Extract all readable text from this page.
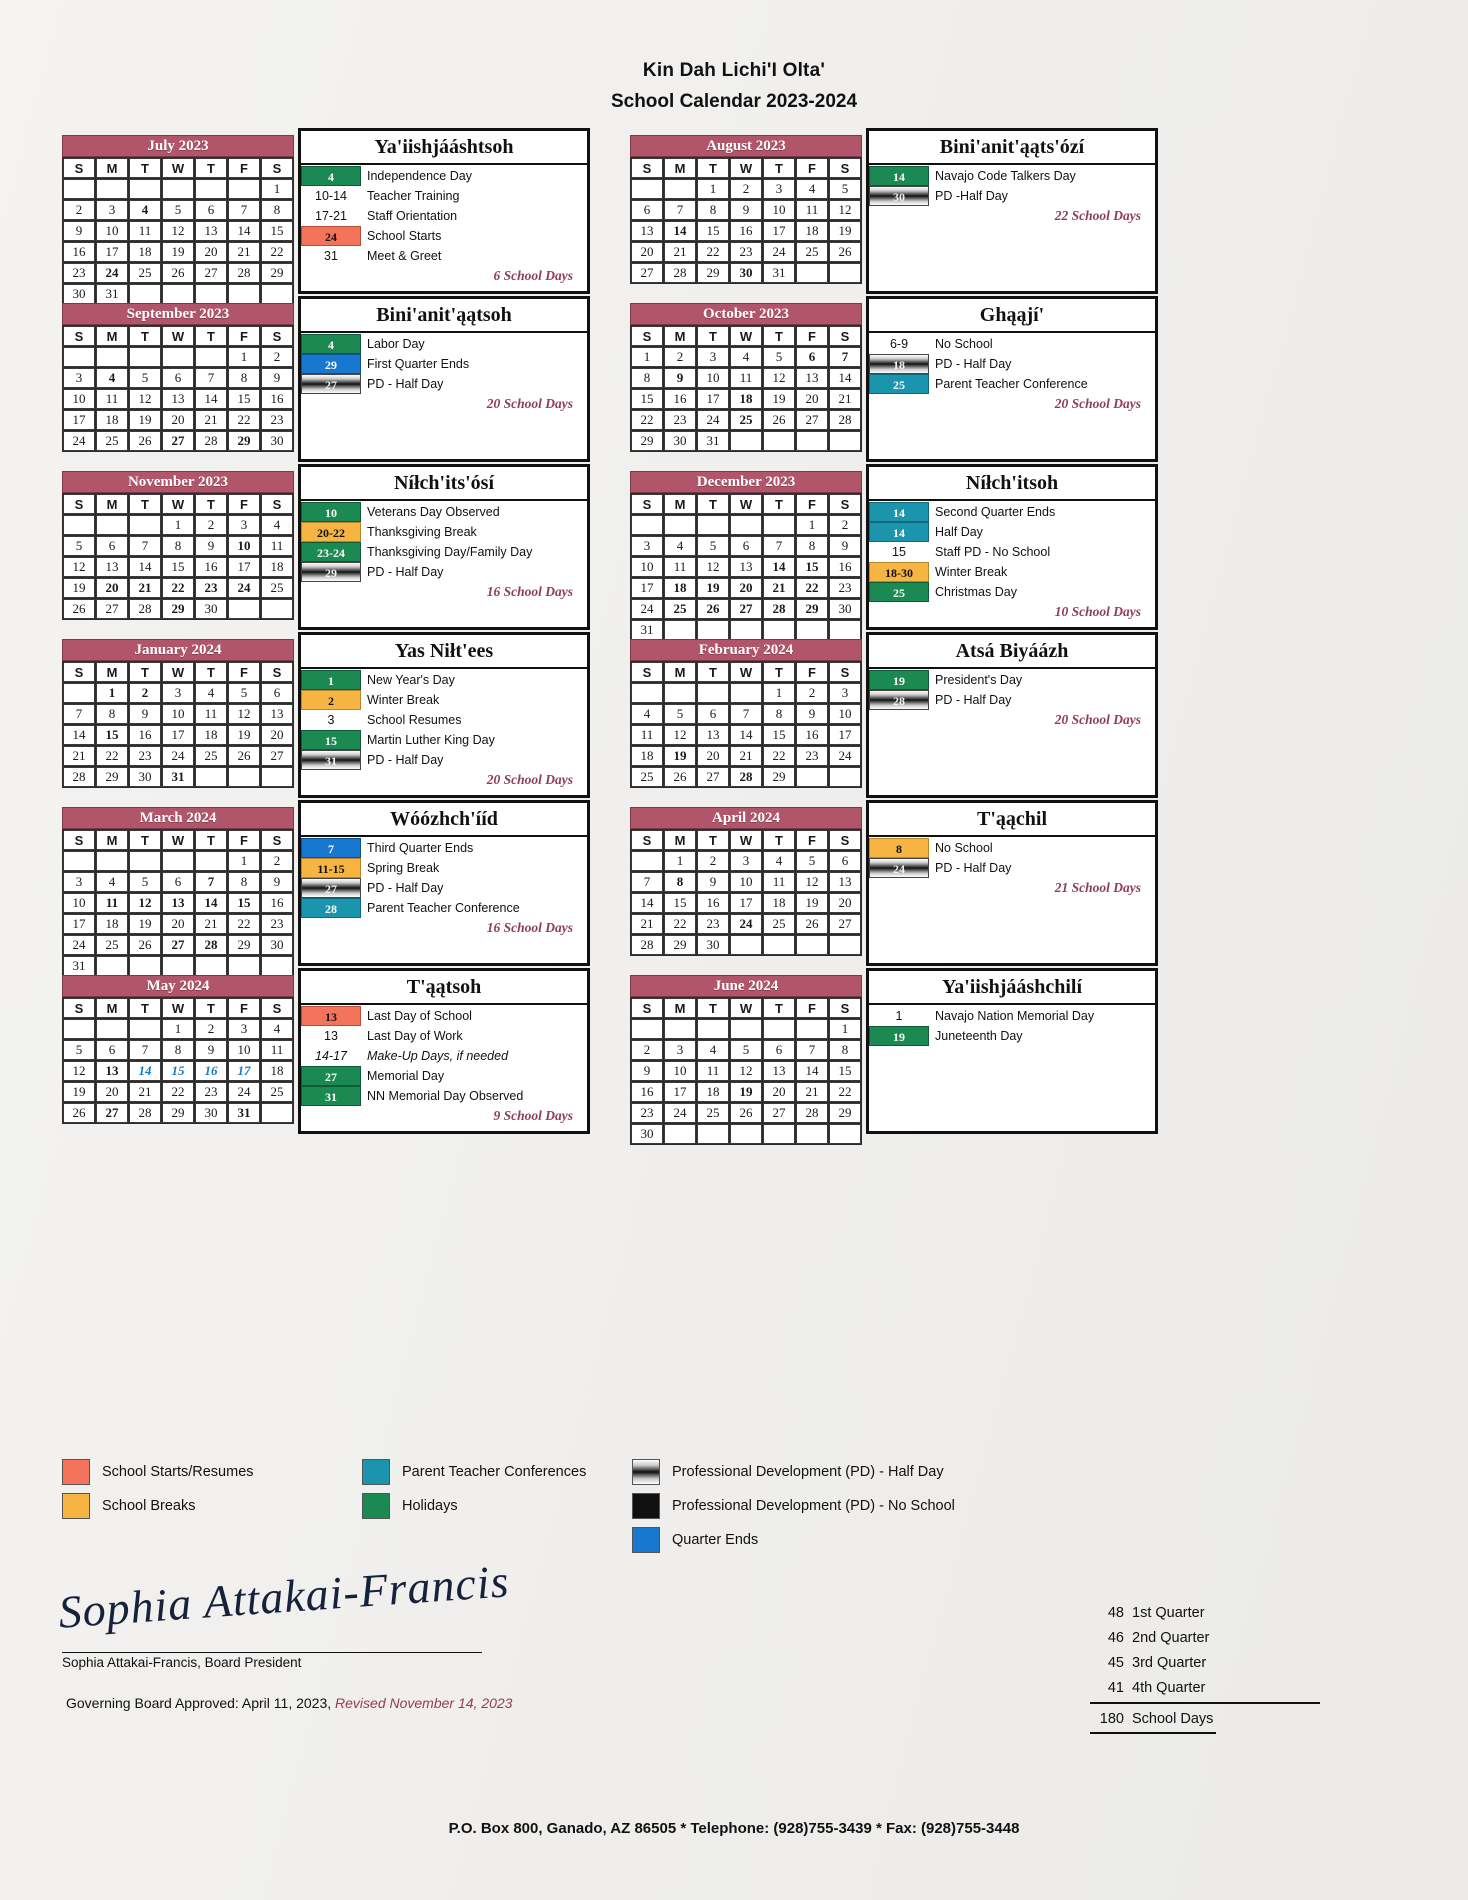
Kin Dah Lichi'I Olta'
School Calendar 2023-2024
July 2023
S	M	T	W	T	F	S
						1
2	3	4	5	6	7	8
9	10	11	12	13	14	15
16	17	18	19	20	21	22
23	24	25	26	27	28	29
30	31					
Ya'iishjááshtsoh
4	Independence Day
10-14	Teacher Training
17-21	Staff Orientation
24	School Starts
31	Meet & Greet
6 School Days
August 2023
S	M	T	W	T	F	S
		1	2	3	4	5
6	7	8	9	10	11	12
13	14	15	16	17	18	19
20	21	22	23	24	25	26
27	28	29	30	31		
Bini'anit'ąąts'ózí
14	Navajo Code Talkers Day
30	PD -Half Day
22 School Days
September 2023
S	M	T	W	T	F	S
					1	2
3	4	5	6	7	8	9
10	11	12	13	14	15	16
17	18	19	20	21	22	23
24	25	26	27	28	29	30
Bini'anit'ąątsoh
4	Labor Day
29	First Quarter Ends
27	PD - Half Day
20 School Days
October 2023
S	M	T	W	T	F	S
1	2	3	4	5	6	7
8	9	10	11	12	13	14
15	16	17	18	19	20	21
22	23	24	25	26	27	28
29	30	31				
Ghąąjí'
6-9	No School
18	PD - Half Day
25	Parent Teacher Conference
20 School Days
November 2023
S	M	T	W	T	F	S
			1	2	3	4
5	6	7	8	9	10	11
12	13	14	15	16	17	18
19	20	21	22	23	24	25
26	27	28	29	30		
Níłch'its'ósí
10	Veterans Day Observed
20-22	Thanksgiving Break
23-24	Thanksgiving Day/Family Day
29	PD - Half Day
16 School Days
December 2023
S	M	T	W	T	F	S
					1	2
3	4	5	6	7	8	9
10	11	12	13	14	15	16
17	18	19	20	21	22	23
24	25	26	27	28	29	30
31						
Níłch'itsoh
14	Second Quarter Ends
14	Half Day
15	Staff PD - No School
18-30	Winter Break
25	Christmas Day
10 School Days
January 2024
S	M	T	W	T	F	S
	1	2	3	4	5	6
7	8	9	10	11	12	13
14	15	16	17	18	19	20
21	22	23	24	25	26	27
28	29	30	31			
Yas Niłt'ees
1	New Year's Day
2	Winter Break
3	School Resumes
15	Martin Luther King Day
31	PD - Half Day
20 School Days
February 2024
S	M	T	W	T	F	S
				1	2	3
4	5	6	7	8	9	10
11	12	13	14	15	16	17
18	19	20	21	22	23	24
25	26	27	28	29		
Atsá Biyáázh
19	President's Day
28	PD - Half Day
20 School Days
March 2024
S	M	T	W	T	F	S
					1	2
3	4	5	6	7	8	9
10	11	12	13	14	15	16
17	18	19	20	21	22	23
24	25	26	27	28	29	30
31						
Wóózhch'ííd
7	Third Quarter Ends
11-15	Spring Break
27	PD - Half Day
28	Parent Teacher Conference
16 School Days
April 2024
S	M	T	W	T	F	S
	1	2	3	4	5	6
7	8	9	10	11	12	13
14	15	16	17	18	19	20
21	22	23	24	25	26	27
28	29	30				
T'ąąchil
8	No School
24	PD - Half Day
21 School Days
May 2024
S	M	T	W	T	F	S
			1	2	3	4
5	6	7	8	9	10	11
12	13	14	15	16	17	18
19	20	21	22	23	24	25
26	27	28	29	30	31	
T'ąątsoh
13	Last Day of School
13	Last Day of Work
14-17	Make-Up Days, if needed
27	Memorial Day
31	NN Memorial Day Observed
9 School Days
June 2024
S	M	T	W	T	F	S
						1
2	3	4	5	6	7	8
9	10	11	12	13	14	15
16	17	18	19	20	21	22
23	24	25	26	27	28	29
30						
Ya'iishjááshchilí
1	Navajo Nation Memorial Day
19	Juneteenth Day
School Starts/Resumes
School Breaks
Parent Teacher Conferences
Holidays
Professional Development (PD) - Half Day
Professional Development (PD) - No School
Quarter Ends
Sophia Attakai-Francis
Sophia Attakai-Francis, Board President
Governing Board Approved: April 11, 2023, Revised November 14, 2023
48 1st Quarter
46 2nd Quarter
45 3rd Quarter
41 4th Quarter
180 School Days
P.O. Box 800, Ganado, AZ 86505 * Telephone: (928)755-3439 * Fax: (928)755-3448
